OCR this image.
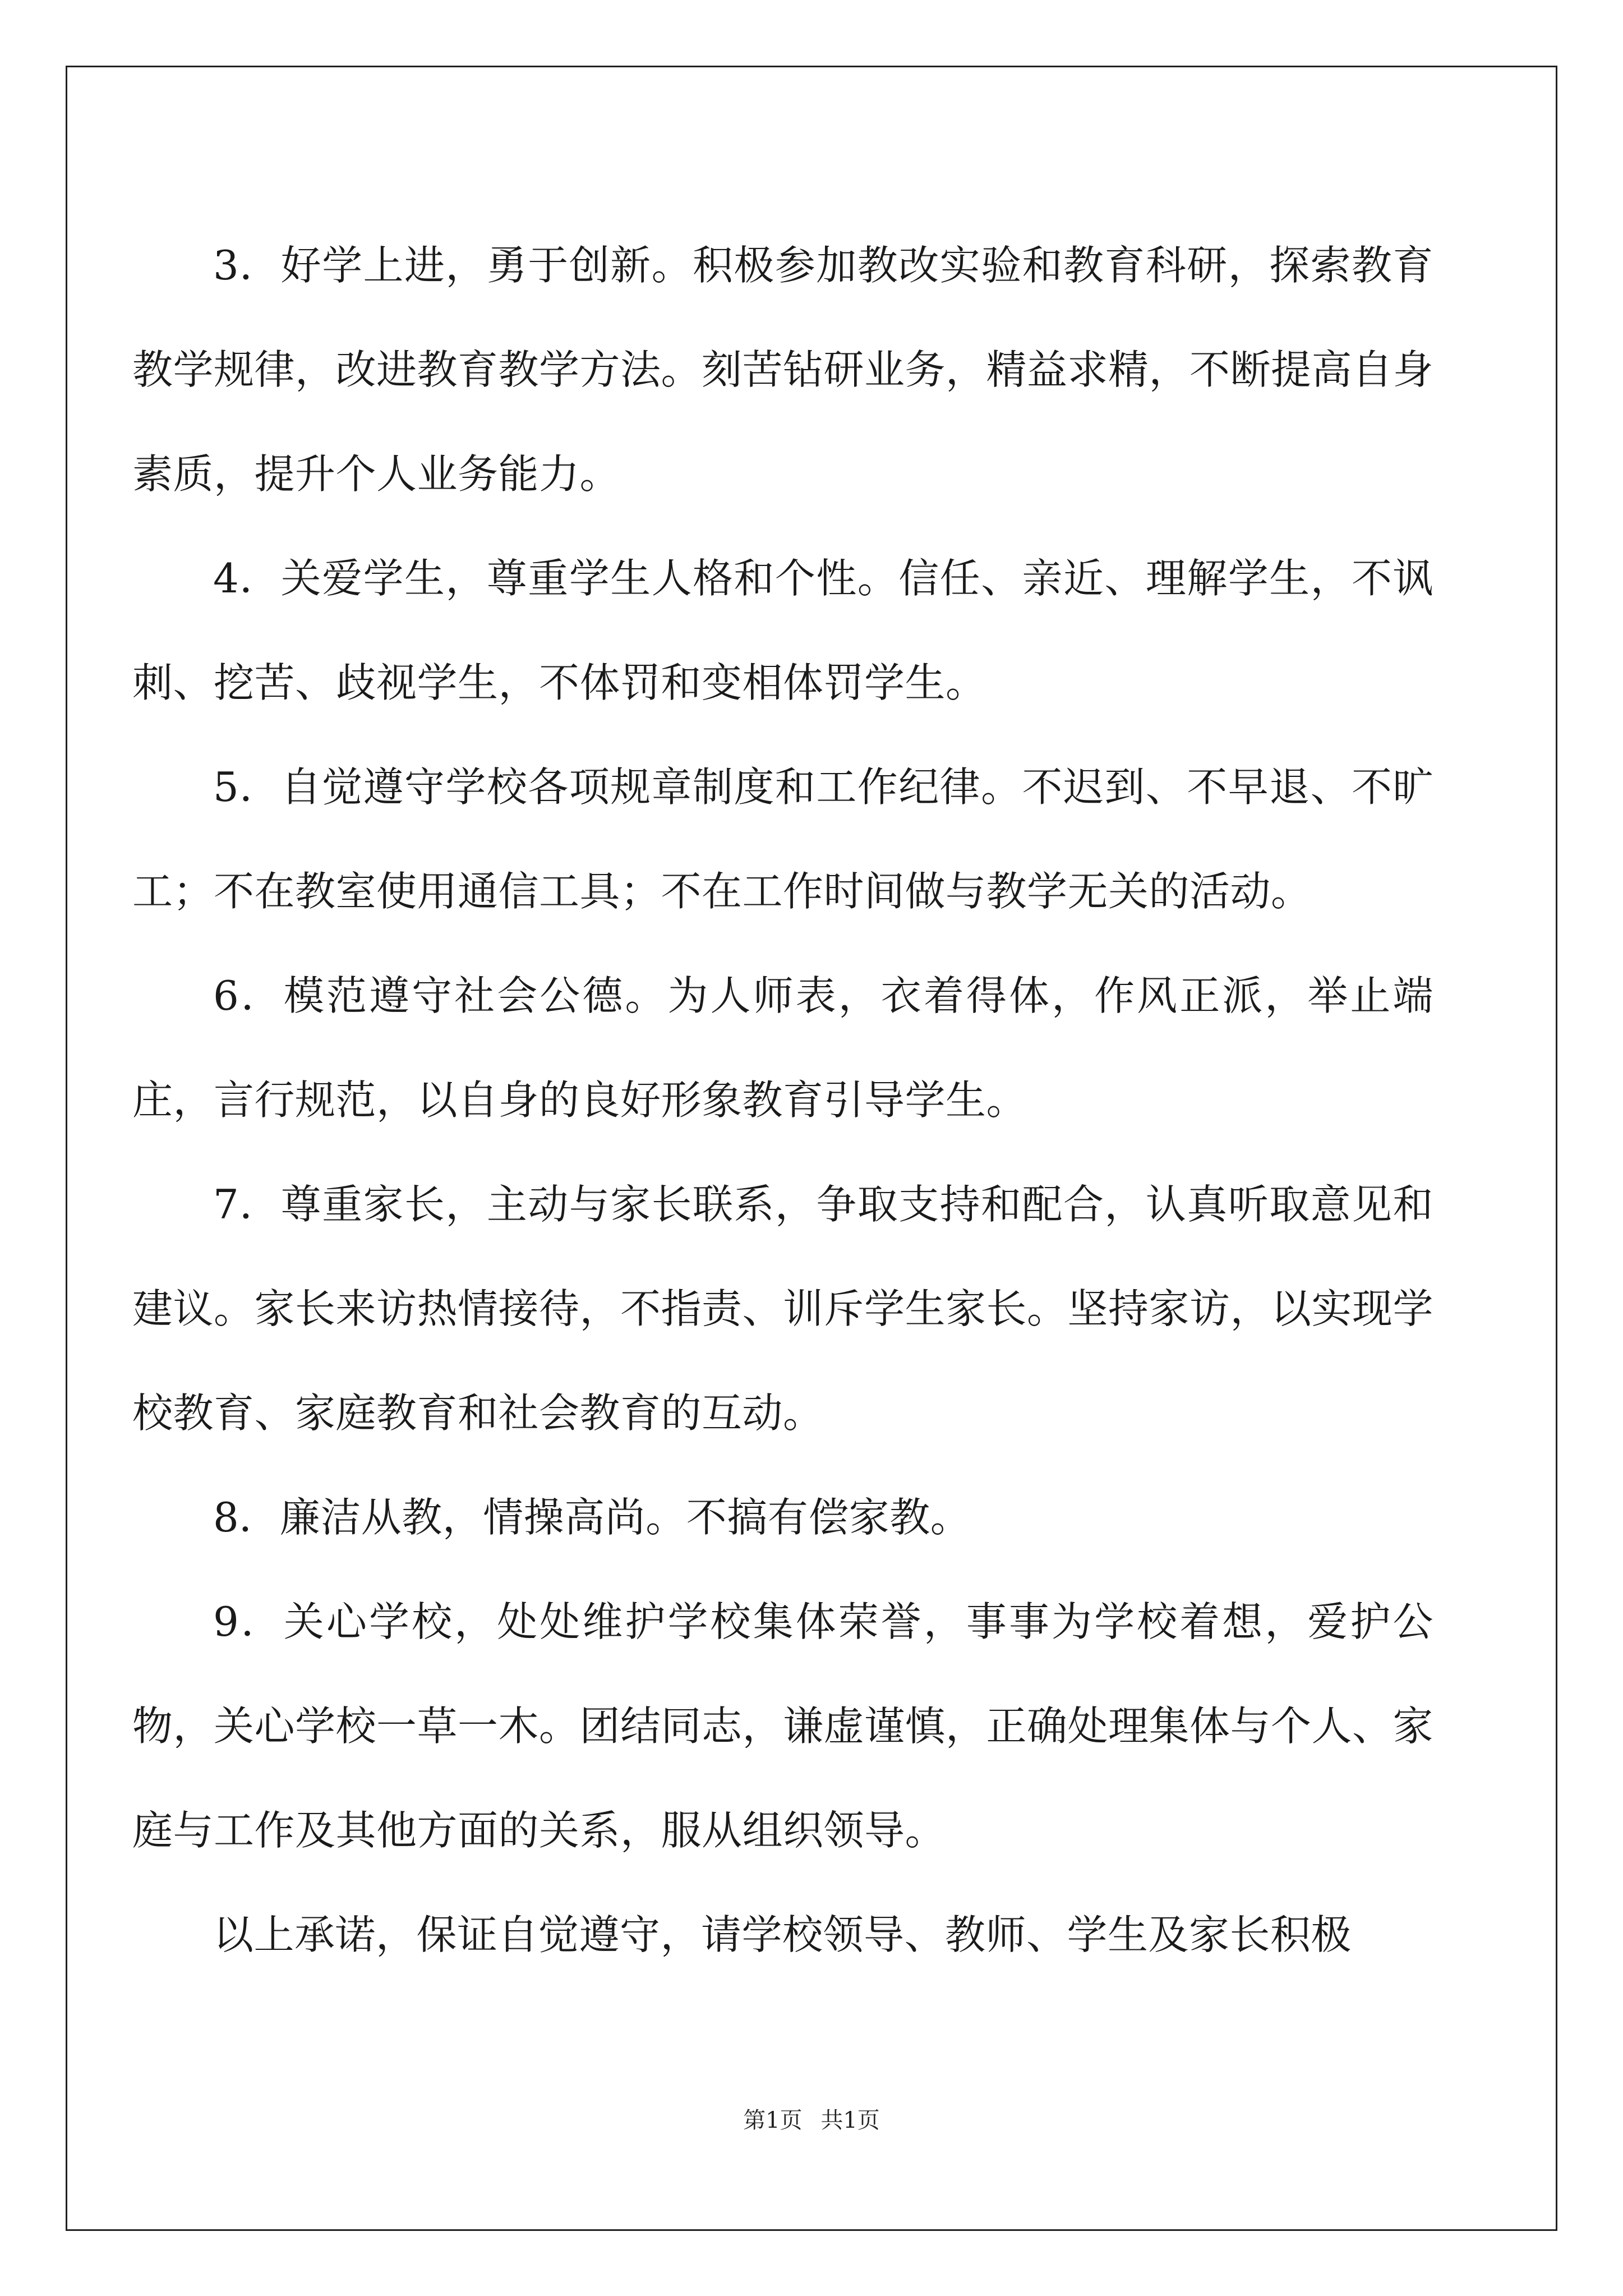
3．好学上进，勇于创新。积极参加教改实验和教育科研，探索教育教学规律，改进教育教学方法。刻苦钻研业务，精益求精，不断提高自身素质，提升个人业务能力。

4．关爱学生，尊重学生人格和个性。信任、亲近、理解学生，不讽刺、挖苦、歧视学生，不体罚和变相体罚学生。

5．自觉遵守学校各项规章制度和工作纪律。不迟到、不早退、不旷工；不在教室使用通信工具；不在工作时间做与教学无关的活动。

6．模范遵守社会公德。为人师表，衣着得体，作风正派，举止端庄，言行规范，以自身的良好形象教育引导学生。

7．尊重家长，主动与家长联系，争取支持和配合，认真听取意见和建议。家长来访热情接待，不指责、训斥学生家长。坚持家访，以实现学校教育、家庭教育和社会教育的互动。

8．廉洁从教，情操高尚。不搞有偿家教。

9．关心学校，处处维护学校集体荣誉，事事为学校着想，爱护公物，关心学校一草一木。团结同志，谦虚谨慎，正确处理集体与个人、家庭与工作及其他方面的关系，服从组织领导。

以上承诺，保证自觉遵守，请学校领导、教师、学生及家长积极

第1页 共1页
